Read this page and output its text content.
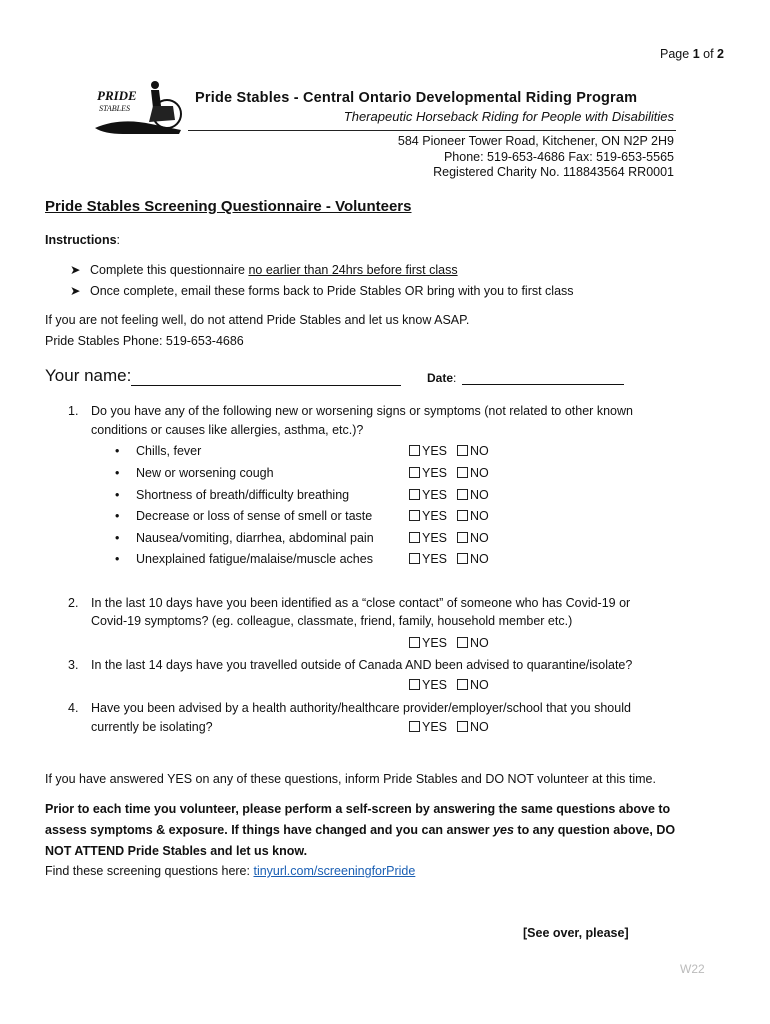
Page 1 of 2
PRIDE
STABLES
Pride Stables - Central Ontario Developmental Riding Program
Therapeutic Horseback Riding for People with Disabilities
584 Pioneer Tower Road, Kitchener, ON N2P 2H9
Phone: 519-653-4686 Fax: 519-653-5565
Registered Charity No. 118843564 RR0001
Pride Stables Screening Questionnaire - Volunteers
Instructions:
➤ Complete this questionnaire no earlier than 24hrs before first class
➤ Once complete, email these forms back to Pride Stables OR bring with you to first class
If you are not feeling well, do not attend Pride Stables and let us know ASAP.
Pride Stables Phone: 519-653-4686
Your name:	Date:
1. Do you have any of the following new or worsening signs or symptoms (not related to other known
conditions or causes like allergies, asthma, etc.)?
• Chills, fever
• New or worsening cough
• Shortness of breath/difficulty breathing
• Decrease or loss of sense of smell or taste
• Nausea/vomiting, diarrhea, abdominal pain
• Unexplained fatigue/malaise/muscle aches
YES NO
YES NO
YES NO
YES NO
YES NO
YES NO
2. In the last 10 days have you been identified as a “close contact” of someone who has Covid-19 or
Covid-19 symptoms? (eg. colleague, classmate, friend, family, household member etc.)
YES NO
3. In the last 14 days have you travelled outside of Canada AND been advised to quarantine/isolate?
YES NO
4. Have you been advised by a health authority/healthcare provider/employer/school that you should
currently be isolating?	YES NO
If you have answered YES on any of these questions, inform Pride Stables and DO NOT volunteer at this time.
Prior to each time you volunteer, please perform a self-screen by answering the same questions above to
assess symptoms & exposure. If things have changed and you can answer yes to any question above, DO
NOT ATTEND Pride Stables and let us know.
Find these screening questions here: tinyurl.com/screeningforPride
[See over, please]
W22
